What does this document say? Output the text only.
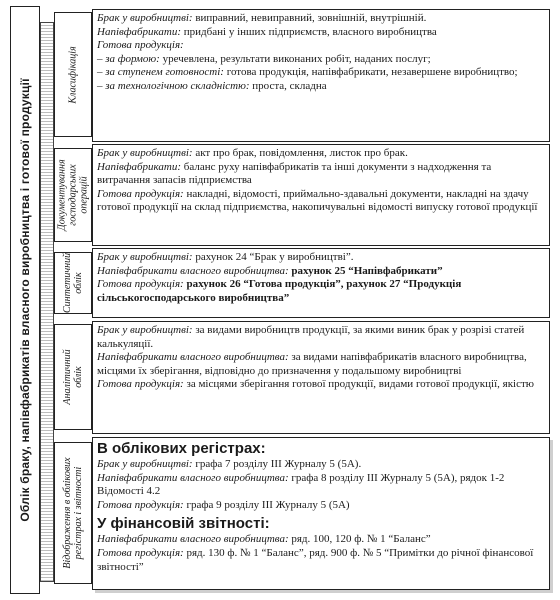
Облік браку, напівфабрикатів власного виробництва і готової продукції
Класифікація

Брак у виробництві: виправний, невиправний, зовнішній, внутрішній.

Напівфабрикати: придбані у інших підприємств, власного виробництва

Готова продукція:

– за формою: уречевлена, результати виконаних робіт, наданих послуг;

– за ступенем готовності: готова продукція, напівфабрикати, незавершене виробництво;

– за технологічною складністю: проста, складна

Документування господарських операцій

Брак у виробництві: акт про брак, повідомлення, листок про брак.

Напівфабрикати: баланс руху напівфабрикатів та інші документи з надходження та витрачання запасів підприємства

Готова продукція: накладні, відомості, приймально-здавальні документи, накладні на здачу готової продукції на склад підприємства, накопичувальні відомості випуску готової продукції

Синтетичний облік

Брак у виробництві: рахунок 24 “Брак у виробництві”.

Напівфабрикати власного виробництва: рахунок 25 “Напівфабрикати”

Готова продукція: рахунок 26 “Готова продукція”, рахунок 27 “Продукція сільськогосподарського виробництва”

Аналітичний облік

Брак у виробництві: за видами виробництв продукції, за якими виник брак у розрізі статей калькуляції.

Напівфабрикати власного виробництва: за видами напівфабрикатів власного виробництва, місцями їх зберігання, відповідно до призначення у подальшому виробництві

Готова продукція: за місцями зберігання готової продукції, видами готової продукції, якістю

Відображення в облікових регістрах і звітності

В облікових регістрах:

Брак у виробництві: графа 7 розділу III Журналу 5 (5А).

Напівфабрикати власного виробництва: графа 8 розділу III Журналу 5 (5А), рядок 1-2 Відомості 4.2

Готова продукція: графа 9 розділу III Журналу 5 (5А)

У фінансовій звітності:

Напівфабрикати власного виробництва: ряд. 100, 120 ф. № 1 “Баланс”

Готова продукція: ряд. 130 ф. № 1 “Баланс”, ряд. 900 ф. № 5 “Примітки до річної фінансової звітності”
